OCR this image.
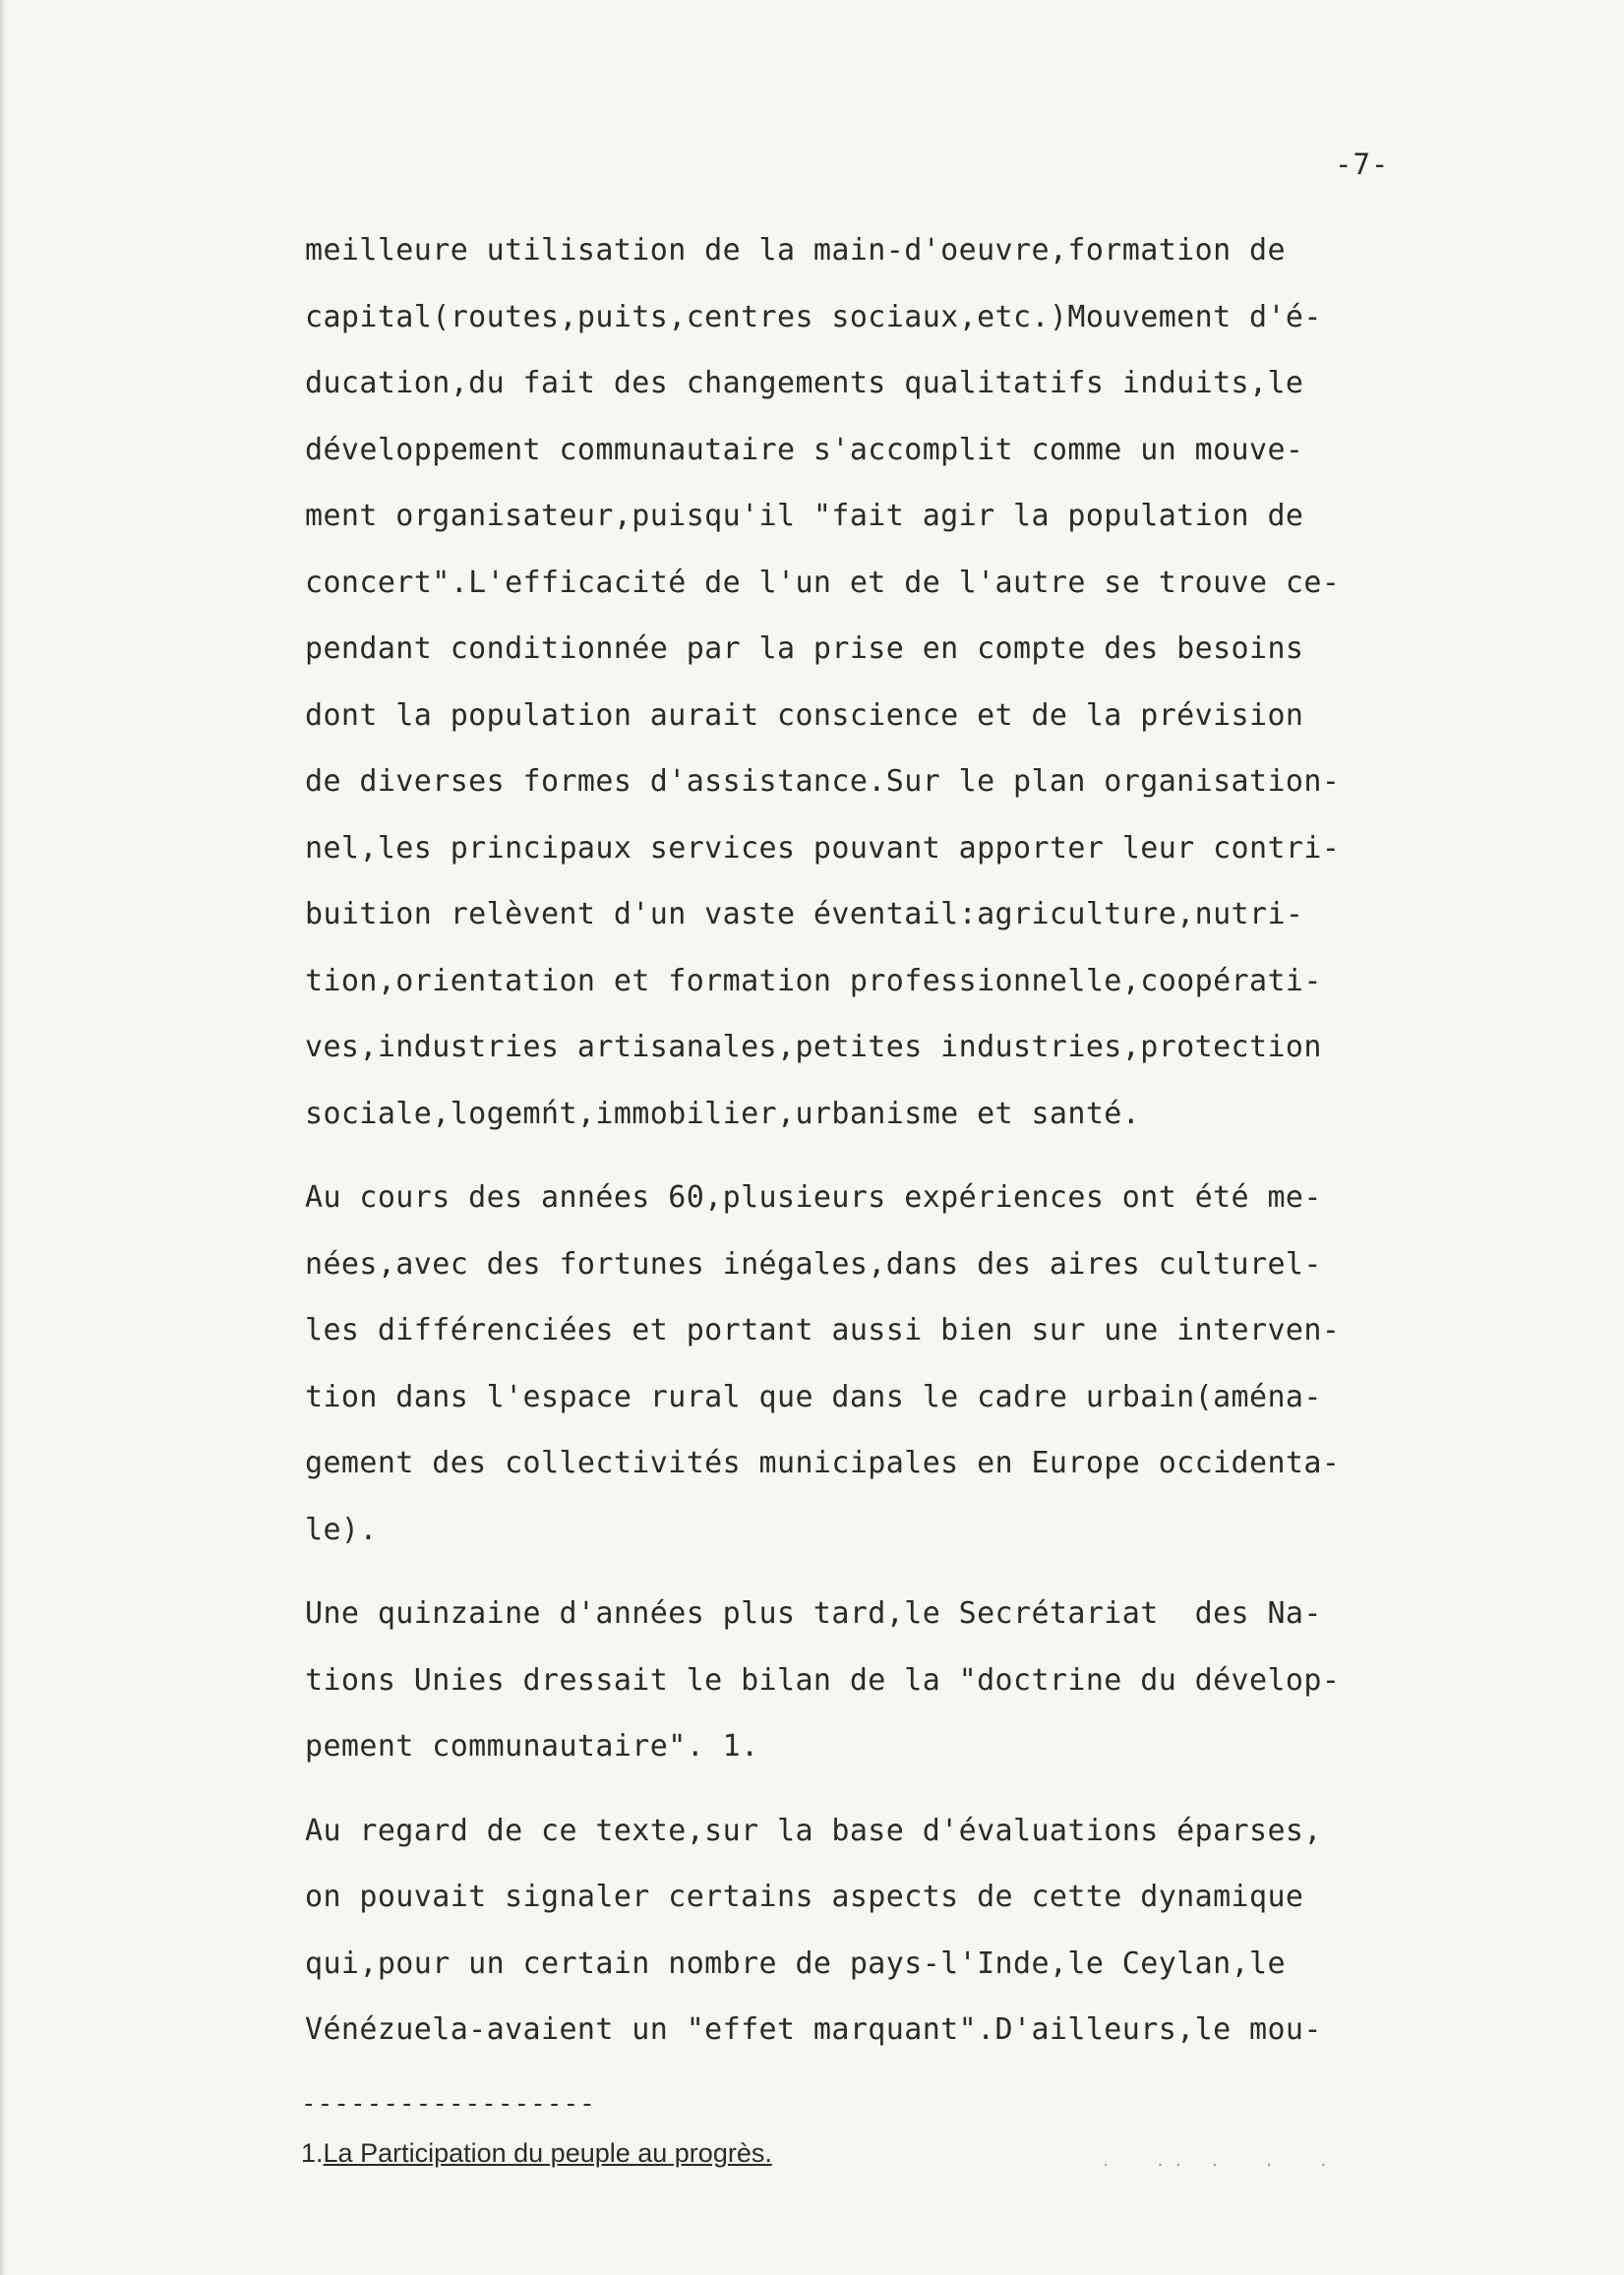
-7-
meilleure utilisation de la main-d'oeuvre,formation de
capital(routes,puits,centres sociaux,etc.)Mouvement d'é-
ducation,du fait des changements qualitatifs induits,le
développement communautaire s'accomplit comme un mouve-
ment organisateur,puisqu'il "fait agir la population de
concert".L'efficacité de l'un et de l'autre se trouve ce-
pendant conditionnée par la prise en compte des besoins
dont la population aurait conscience et de la prévision
de diverses formes d'assistance.Sur le plan organisation-
nel,les principaux services pouvant apporter leur contri-
buition relèvent d'un vaste éventail:agriculture,nutri-
tion,orientation et formation professionnelle,coopérati-
ves,industries artisanales,petites industries,protection
sociale,logemńt,immobilier,urbanisme et santé.
Au cours des années 60,plusieurs expériences ont été me-
nées,avec des fortunes inégales,dans des aires culturel-
les différenciées et portant aussi bien sur une interven-
tion dans l'espace rural que dans le cadre urbain(aména-
gement des collectivités municipales en Europe occidenta-
le).
Une quinzaine d'années plus tard,le Secrétariat  des Na-
tions Unies dressait le bilan de la "doctrine du dévelop-
pement communautaire". 1.
Au regard de ce texte,sur la base d'évaluations éparses,
on pouvait signaler certains aspects de cette dynamique
qui,pour un certain nombre de pays-l'Inde,le Ceylan,le
Vénézuela-avaient un "effet marquant".D'ailleurs,le mou-
------------------
1.La Participation du peuple au progrès.	.  .. .  .  .
